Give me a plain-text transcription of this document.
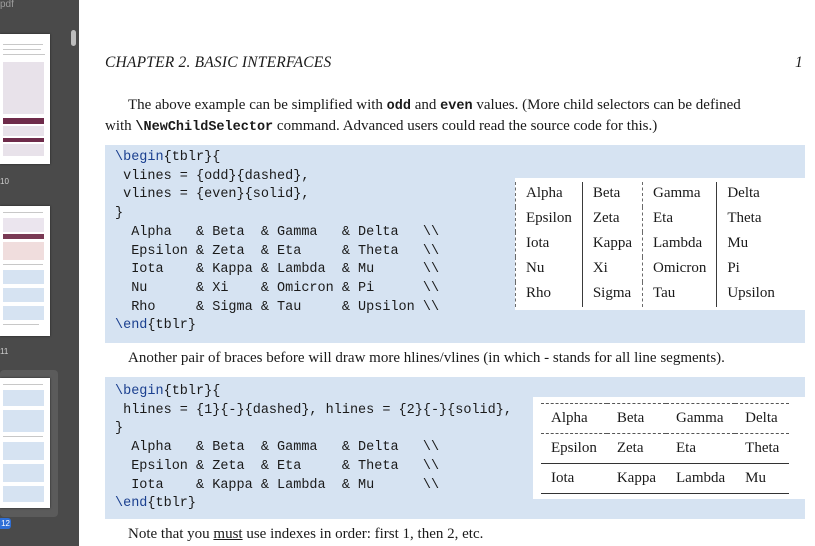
pdf
10
11
12
CHAPTER 2. BASIC INTERFACES	1
The above example can be simplified with odd and even values. (More child selectors can be defined
with \NewChildSelector command. Advanced users could read the source code for this.)
\begin{tblr}{
vlines = {odd}{dashed},
vlines = {even}{solid},
}
Alpha   & Beta  & Gamma   & Delta   \\
Epsilon & Zeta  & Eta     & Theta   \\
Iota    & Kappa & Lambda  & Mu      \\
Nu      & Xi    & Omicron & Pi      \\
Rho     & Sigma & Tau     & Upsilon \\
\end{tblr}
Alpha	Beta	Gamma	Delta
Epsilon	Zeta	Eta	Theta
Iota	Kappa	Lambda	Mu
Nu	Xi	Omicron	Pi
Rho	Sigma	Tau	Upsilon
Another pair of braces before will draw more hlines/vlines (in which - stands for all line segments).
\begin{tblr}{
hlines = {1}{-}{dashed}, hlines = {2}{-}{solid},
}
Alpha   & Beta  & Gamma   & Delta   \\
Epsilon & Zeta  & Eta     & Theta   \\
Iota    & Kappa & Lambda  & Mu      \\
\end{tblr}
Alpha	Beta	Gamma	Delta
Epsilon	Zeta	Eta	Theta
Iota	Kappa	Lambda	Mu
Note that you must use indexes in order: first 1, then 2, etc.
